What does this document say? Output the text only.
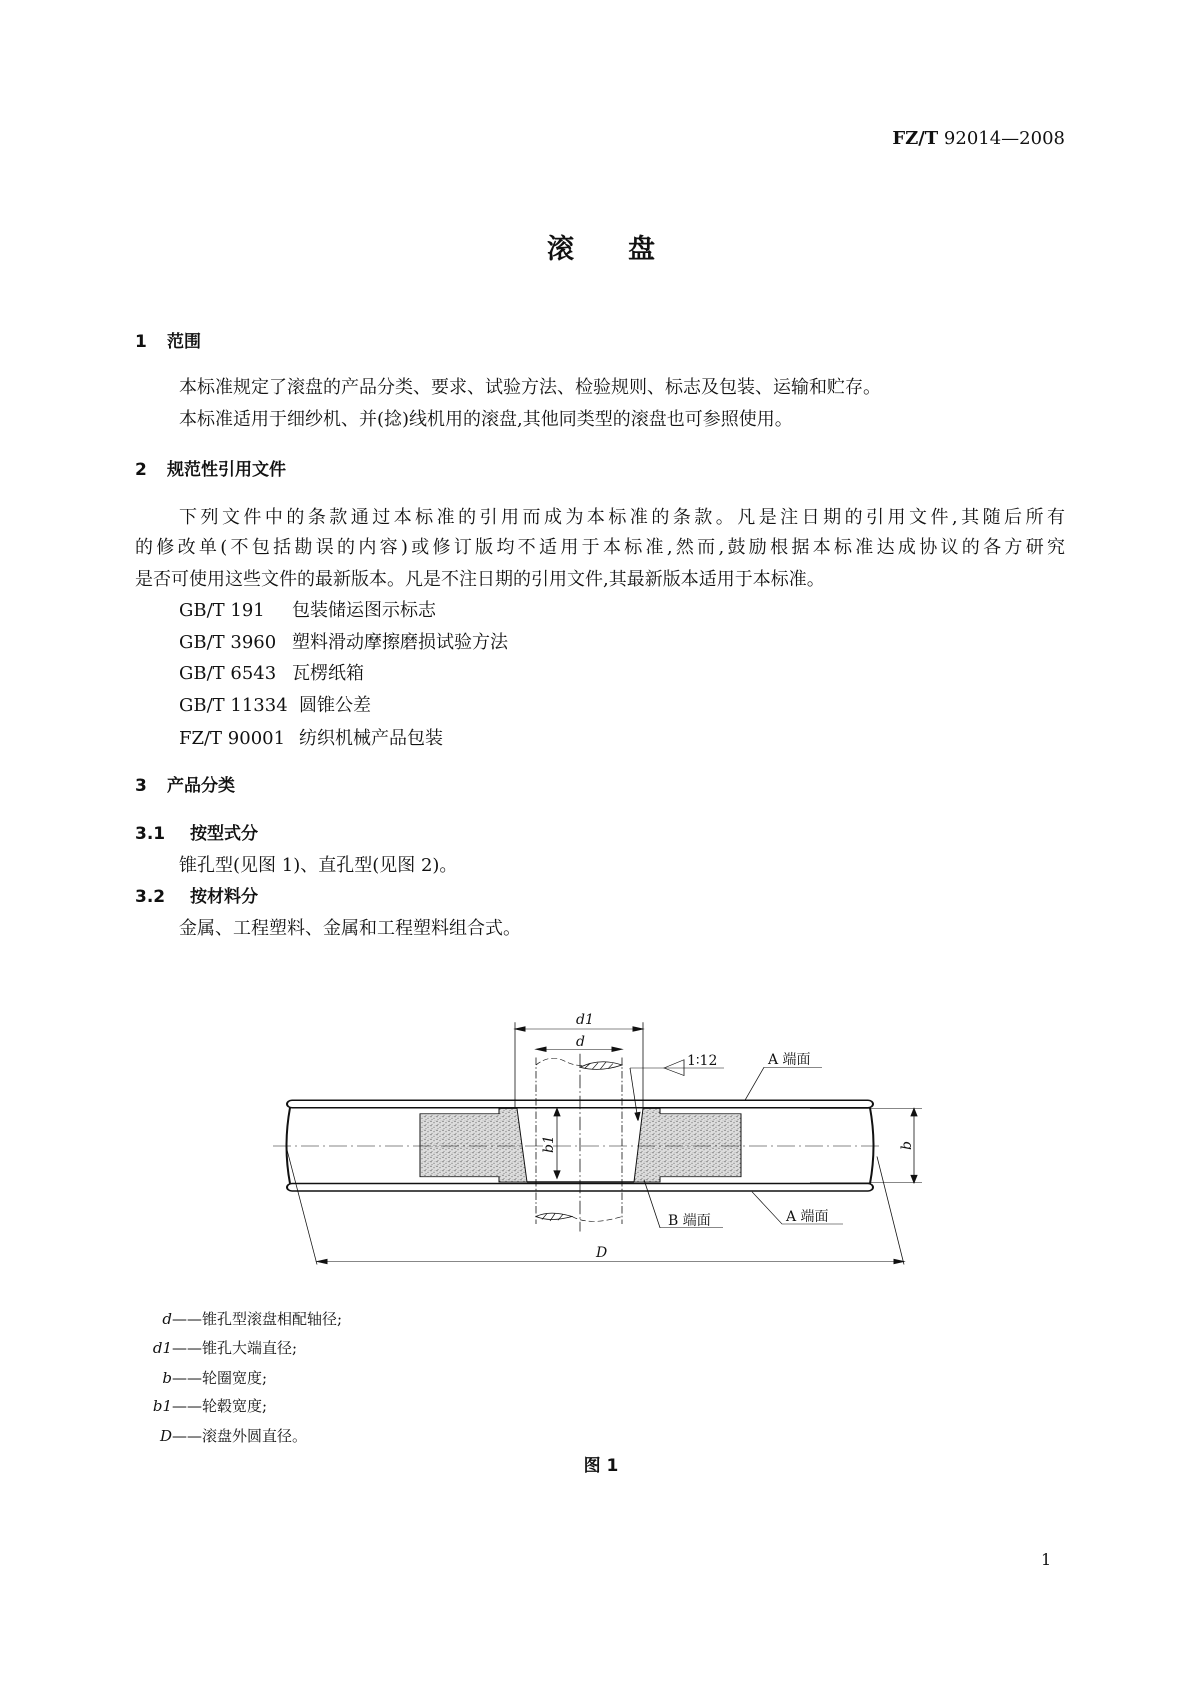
FZ/T 92014—2008
滚　　盘
1 范围
本标准规定了滚盘的产品分类、要求、试验方法、检验规则、标志及包装、运输和贮存。
本标准适用于细纱机、并(捻)线机用的滚盘,其他同类型的滚盘也可参照使用。
2 规范性引用文件
下列文件中的条款通过本标准的引用而成为本标准的条款。凡是注日期的引用文件,其随后所有
的修改单(不包括勘误的内容)或修订版均不适用于本标准,然而,鼓励根据本标准达成协议的各方研究
是否可使用这些文件的最新版本。凡是不注日期的引用文件,其最新版本适用于本标准。
GB/T 191 包装储运图示标志
GB/T 3960 塑料滑动摩擦磨损试验方法
GB/T 6543 瓦楞纸箱
GB/T 11334 圆锥公差
FZ/T 90001 纺织机械产品包装
3 产品分类
3.1 按型式分
锥孔型(见图 1)、直孔型(见图 2)。
3.2 按材料分
金属、工程塑料、金属和工程塑料组合式。
d1
d
1∶12	A 端面
B 端面	A 端面
D
b1	b
d——锥孔型滚盘相配轴径;
d1——锥孔大端直径;
b——轮圈宽度;
b1——轮毂宽度;
D——滚盘外圆直径。
图 1
1
